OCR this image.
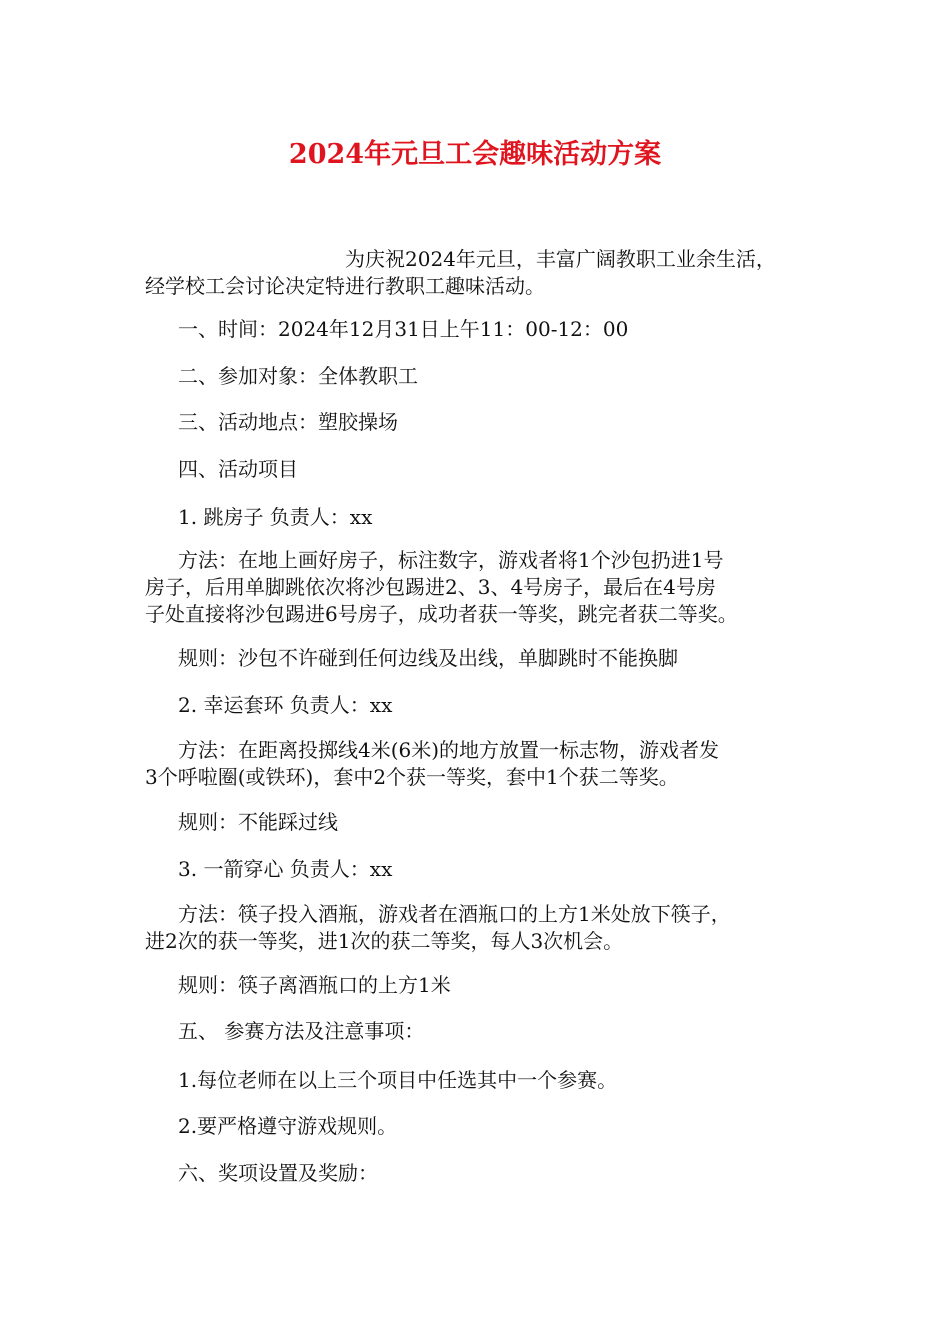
2024年元旦工会趣味活动方案
为庆祝2024年元旦，丰富广阔教职工业余生活，
经学校工会讨论决定特进行教职工趣味活动。
一、时间：2024年12月31日上午11：00-12：00
二、参加对象：全体教职工
三、活动地点：塑胶操场
四、活动项目
1. 跳房子 负责人：xx
方法：在地上画好房子，标注数字，游戏者将1个沙包扔进1号
房子，后用单脚跳依次将沙包踢进2、3、4号房子，最后在4号房
子处直接将沙包踢进6号房子，成功者获一等奖，跳完者获二等奖。
规则：沙包不许碰到任何边线及出线，单脚跳时不能换脚
2. 幸运套环 负责人：xx
方法：在距离投掷线4米(6米)的地方放置一标志物，游戏者发
3个呼啦圈(或铁环)，套中2个获一等奖，套中1个获二等奖。
规则：不能踩过线
3. 一箭穿心 负责人：xx
方法：筷子投入酒瓶，游戏者在酒瓶口的上方1米处放下筷子，
进2次的获一等奖，进1次的获二等奖，每人3次机会。
规则：筷子离酒瓶口的上方1米
五、 参赛方法及注意事项：
1.每位老师在以上三个项目中任选其中一个参赛。
2.要严格遵守游戏规则。
六、奖项设置及奖励：
